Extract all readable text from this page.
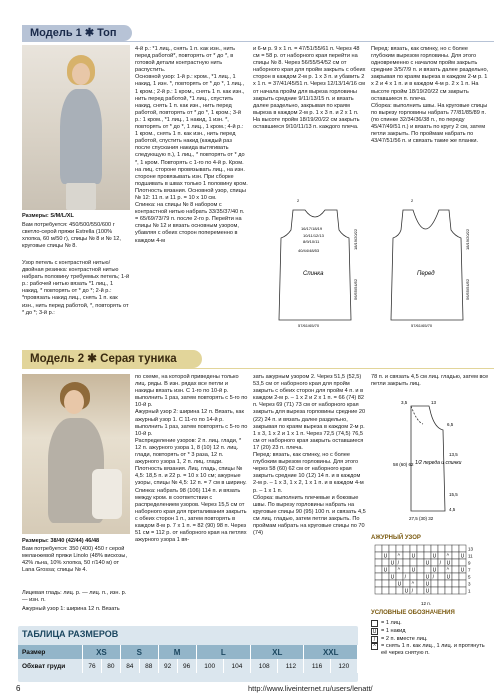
Модель 1 ✱ Топ
Размеры: S/M/L/XL
Вам потребуется: 450/500/550/600 г светло-серой пряжи Estrella (100% хлопка, 60 м/50 г), спицы № 8 и № 12, круговые спицы № 8.
Узор петель с контрастной нитью/двойная резинка: контрастной нитью набрать половину требуемых петель; 1-й р.: рабочей нитью вязать *1 лиц., 1 накид, * повторять от * до *; 2-й р.: *провязать накид лиц., снять 1 п. как изн., нить перед работой, *, повторять от * до *; 3-й р.:
4-й р.: *1 лиц., снять 1 п. как изн., нить перед работой*, повторять от * до *, в готовой детали контрастную нить распустить.
Основной узор: 1-й р.: кром., *1 лиц., 1 накид, 1 изн. *, повторять от * до *, 1 лиц., 1 кром.; 2-й р.: 1 кром., снять 1 п. как изн., нить перед работой, *1 лиц., спустить накид, снять 1 п. как изн., нить перед работой, повторять от * до *, 1 кром.; 3-й р.: 1 кром., *1 лиц., 1 накид, 1 изн. *, повторять от * до *, 1 лиц., 1 кром.; 4-й р.: 1 кром., снять 1 п. как изн., нить перед работой, спустить накид (каждый раз после спускания накида вытягивать следующую п.), 1 лиц., * повторять от * до *, 1 кром. Повторять с 1-го по 4-й р. Кром. на лиц. стороне провязывать лиц., на изн. стороне провязывать изн. При сборке подшивать в швах только 1 половину кром.
Плотность вязания. Основной узор, спицы № 12: 11 п. и 11 р. = 10 х 10 см.
Спинка: на спицы № 8 набором с контрастной нитью набрать 33/35/37/40 п. = 65/69/73/79 п. после 2-го р. Перейти на спицы № 12 и вязать основным узором, убавляя с обеих сторон попеременно в каждом 4-м
и 6-м р. 9 х 1 п. = 47/51/55/61 п. Через 48 см = 58 р. от наборного края перейти на спицы № 8. Через 56/55/54/52 см от наборного края для пройм закрыть с обеих сторон в каждом 2-м р. 1 х 3 п. и убавить 2 х 1 п. = 37/41/45/51 п. Через 12/13/14/16 см от начала пройм для выреза горловины закрыть средние 9/11/13/15 п. и вязать далее раздельно, закрывая по краям выреза в каждом 2-м р. 1 х 3 п. и 2 х 1 п. На высоте пройм 18/19/20/22 см закрыть оставшиеся 9/10/11/13 п. каждого плеча.
Перед: вязать, как спинку, но с более глубоким вырезом горловины. Для этого одновременно с началом пройм закрыть средние 3/5/7/9 п. и вязать далее раздельно, закрывая по краям выреза в каждом 2-м р. 1 х 2 и 4 х 1 п. и в каждом 4-м р. 2 х 1 п. На высоте пройм 18/19/20/22 см закрыть оставшиеся п. плеча.
Сборка: выполнить швы. На круговые спицы по вырезу горловины набрать 77/81/85/89 п. (по спинке 32/34/36/38 п., по переду 45/47/49/51 п.) и вязать по кругу 2 см, затем петли закрыть. По проймам набрать по 43/47/51/56 п. и связать такие же планки.
Спинка	Перед
2
16/17/18/19
10/11/12/13
8/9/10/11
40/44/48/53
57/61/65/70
18/19/20/22
56/55/54/52
2
18/19/20/22
56/55/54/52
57/61/65/70
Модель 2 ✱ Серая туника
Размеры: 38/40 (42/44) 46/48
Вам потребуется: 350 (400) 450 г серой меланжевой пряжи Linolo (48% вискозы, 42% льна, 10% хлопка, 50 г/140 м) от Lana Grossa; спицы № 4.
Лицевая гладь: лиц. р. — лиц. п., изн. р. — изн. п.
Ажурный узор 1: ширина 12 п. Вязать
по схеме, на которой приведены только лиц. ряды. В изн. рядах все петли и накиды вязать изн. С 1-го по 10-й р. выполнить 1 раз, затем повторять с 5-го по 10-й р.
Ажурный узор 2: ширина 12 п. Вязать, как ажурный узор 1. С 11-го по 14-й р. выполнить 1 раз, затем повторять с 5-го по 10-й р.
Распределение узоров: 2 п. лиц. глади, * 12 п. ажурного узора 1, 8 (10) 12 п. лиц. глади, повторять от * 3 раза, 12 п. ажурного узора 1, 2 п. лиц. глади.
Плотность вязания. Лиц. гладь, спицы № 4,5: 18,5 п. и 22 р. = 10 х 10 см; ажурные узоры, спицы № 4,5: 12 п. = 7 см в ширину.
Спинка: набрать 98 (106) 114 п. и вязать между кром. в соответствии с распределением узоров. Через 15,5 см от наборного края для приталивания закрыть с обеих сторон 1 п., затем повторять в каждом 8-м р. 7 х 1 п. = 82 (90) 98 п. Через 51 см = 112 р. от наборного края на петлях ажурного узора 1 вя-
зать ажурным узором 2. Через 51,5 (52,5) 53,5 см от наборного края для пройм закрыть с обеих сторон для пройм 4 п. и в каждом 2-м р. – 1 х 2 и 2 х 1 п. = 66 (74) 82 п. Через 69 (71) 73 см от наборного края закрыть для выреза горловины средние 20 (22) 24 п. и вязать далее раздельно, закрывая по краям выреза в каждом 2-м р. 1 х 3, 1 х 2 и 1 х 1 п. Через 72,5 (74,5) 76,5 см от наборного края закрыть оставшиеся 17 (20) 23 п. плеча.
Перед: вязать, как спинку, но с более глубоким вырезом горловины. Для этого через 58 (60) 62 см от наборного края закрыть средние 10 (12) 14 п. и в каждом 2-м р. – 1 х 3, 1 х 2, 1 х 1 п. и в каждом 4-м р. – 1 х 1 п.
Сборка: выполнить плечевые и боковые швы. По вырезу горловины набрать на круговые спицы 90 (95) 100 п. и связать 4,5 см лиц. гладью, затем петли закрыть. По проймам набрать на круговые спицы по 70 (74)
78 п. и связать 4,5 см лиц. гладью, затем все петли закрыть лиц.
3,5	13
6,5
1/2 переда и спинки
58 (60) 62
15,5
27,5 (30) 32
4,5
13,5
АЖУРНЫЙ УЗОР
13
U ^ U	U ^ U 11
U /	U / U	9
U ^ U	U ^ U 7
U /	U /	U	5
U ^ U	3
U /	U	1
12 п.
УСЛОВНЫЕ ОБОЗНАЧЕНИЯ
= 1 лиц.
U = 1 накид
/	= 2 п. вместе лиц.
^ = снять 1 п. как лиц., 1 лиц. и протянуть её через снятую п.
ТАБЛИЦА РАЗМЕРОВ
Размер	XS		S		M		L		XL		XXL	
Обхват груди	76	80	84	88	92	96	100	104	108	112	116	120
6	http://www.liveinternet.ru/users/lenatt/
